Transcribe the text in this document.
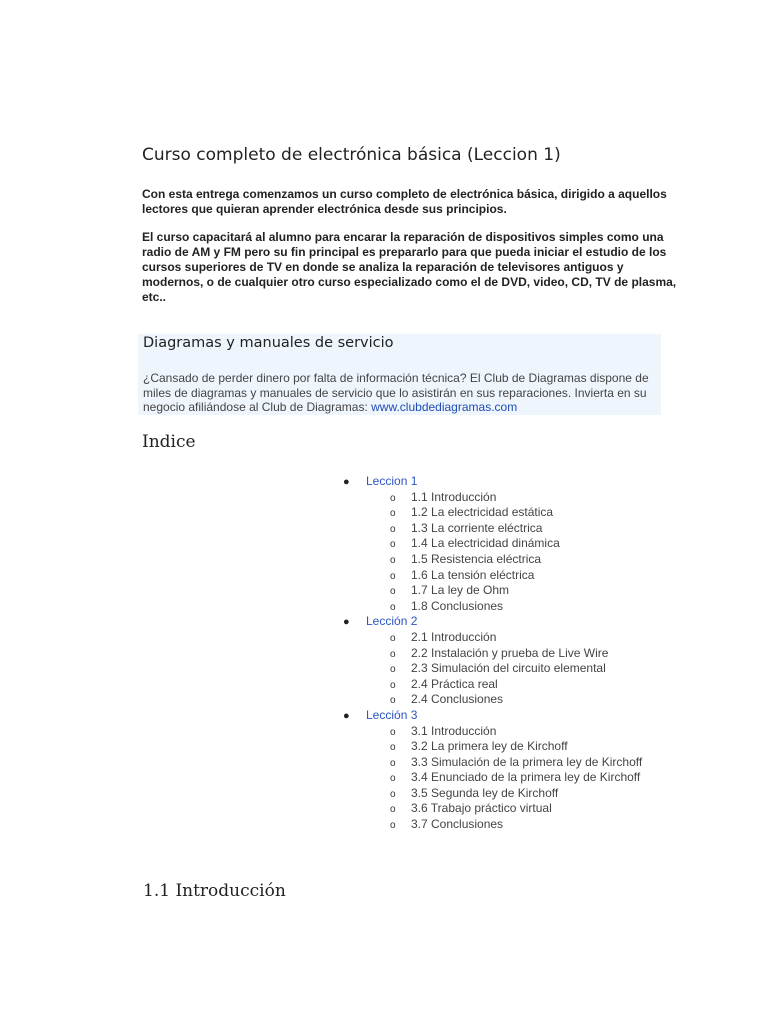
Curso completo de electrónica básica (Leccion 1)

Con esta entrega comenzamos un curso completo de electrónica básica, dirigido a aquellos lectores que quieran aprender electrónica desde sus principios.

El curso capacitará al alumno para encarar la reparación de dispositivos simples como una radio de AM y FM pero su fin principal es prepararlo para que pueda iniciar el estudio de los cursos superiores de TV en donde se analiza la reparación de televisores antiguos y modernos, o de cualquier otro curso especializado como el de DVD, video, CD, TV de plasma, etc..

Diagramas y manuales de servicio

¿Cansado de perder dinero por falta de información técnica? El Club de Diagramas dispone de miles de diagramas y manuales de servicio que lo asistirán en sus reparaciones. Invierta en su negocio afiliándose al Club de Diagramas: www.clubdediagramas.com

Indice
● Leccion 1
o 1.1 Introducción
o 1.2 La electricidad estática
o 1.3 La corriente eléctrica
o 1.4 La electricidad dinámica
o 1.5 Resistencia eléctrica
o 1.6 La tensión eléctrica
o 1.7 La ley de Ohm
o 1.8 Conclusiones
● Lección 2
o 2.1 Introducción
o 2.2 Instalación y prueba de Live Wire
o 2.3 Simulación del circuito elemental
o 2.4 Práctica real
o 2.4 Conclusiones
● Lección 3
o 3.1 Introducción
o 3.2 La primera ley de Kirchoff
o 3.3 Simulación de la primera ley de Kirchoff
o 3.4 Enunciado de la primera ley de Kirchoff
o 3.5 Segunda ley de Kirchoff
o 3.6 Trabajo práctico virtual
o 3.7 Conclusiones
1.1 Introducción
